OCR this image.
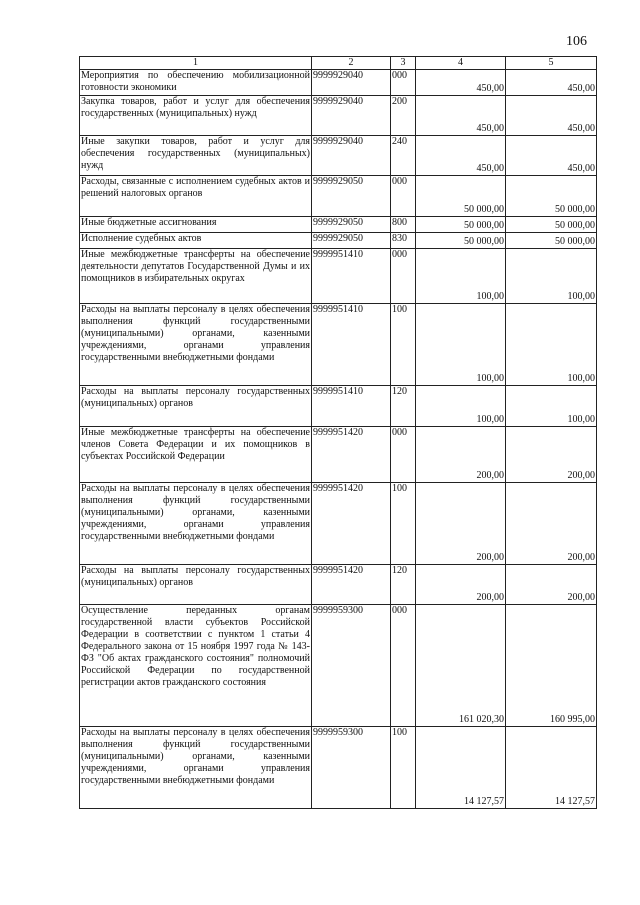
106
1	2	3	4	5

Мероприятия по обеспечению мобилизационной готовности экономики	9999929040	000	450,00	450,00

Закупка товаров, работ и услуг для обеспечения государственных (муниципальных) нужд	9999929040	200	450,00	450,00

Иные закупки товаров, работ и услуг для обеспечения государственных (муниципальных) нужд	9999929040	240	450,00	450,00

Расходы, связанные с исполнением судебных актов и решений налоговых органов	9999929050	000	50 000,00	50 000,00

Иные бюджетные ассигнования	9999929050	800	50 000,00	50 000,00

Исполнение судебных актов	9999929050	830	50 000,00	50 000,00

Иные межбюджетные трансферты на обеспечение деятельности депутатов Государственной Думы и их помощников в избирательных округах	9999951410	000	100,00	100,00

Расходы на выплаты персоналу в целях обеспечения выполнения функций государственными (муниципальными) органами, казенными учреждениями, органами управления государственными внебюджетными фондами	9999951410	100	100,00	100,00

Расходы на выплаты персоналу государственных (муниципальных) органов	9999951410	120	100,00	100,00

Иные межбюджетные трансферты на обеспечение членов Совета Федерации и их помощников в субъектах Российской Федерации	9999951420	000	200,00	200,00

Расходы на выплаты персоналу в целях обеспечения выполнения функций государственными (муниципальными) органами, казенными учреждениями, органами управления государственными внебюджетными фондами	9999951420	100	200,00	200,00

Расходы на выплаты персоналу государственных (муниципальных) органов	9999951420	120	200,00	200,00

Осуществление переданных органам государственной власти субъектов Российской Федерации в соответствии с пунктом 1 статьи 4 Федерального закона от 15 ноября 1997 года № 143-ФЗ "Об актах гражданского состояния" полномочий Российской Федерации по государственной регистрации актов гражданского состояния	9999959300	000	161 020,30	160 995,00

Расходы на выплаты персоналу в целях обеспечения выполнения функций государственными (муниципальными) органами, казенными учреждениями, органами управления государственными внебюджетными фондами	9999959300	100	14 127,57	14 127,57
